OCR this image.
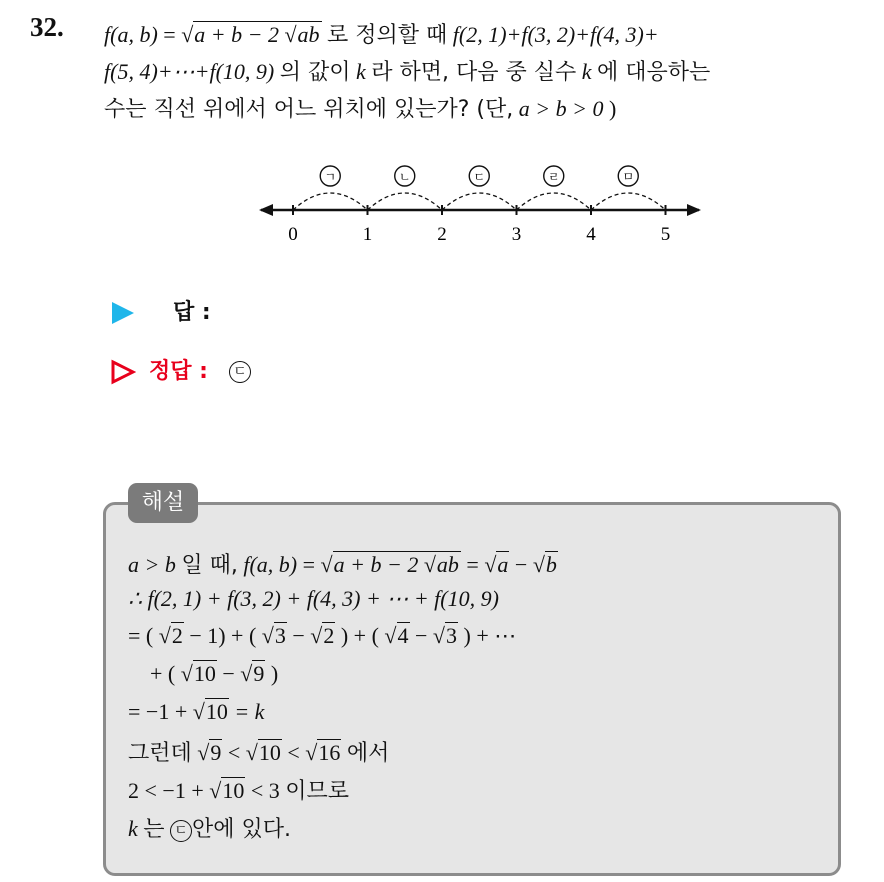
32. f(a, b) = √a + b − 2 √ab 로 정의할 때 f(2, 1)+f(3, 2)+f(4, 3)+
f(5, 4)+⋯+f(10, 9) 의 값이 k 라 하면, 다음 중 실수 k 에 대응하는
수는 직선 위에서 어느 위치에 있는가? (단, a > b > 0 )
0	1	2	3	4	5
ㄱ	ㄴ	ㄷ	ㄹ	ㅁ
답 :
정답 : ㄷ
해설
a > b 일 때, f(a, b) = √a + b − 2 √ab = √a − √b
∴ f(2, 1) + f(3, 2) + f(4, 3) + ⋯ + f(10, 9)
= ( √2 − 1) + ( √3 − √2 ) + ( √4 − √3 ) + ⋯
+ ( √10 − √9 )
= −1 + √10 = k
그런데 √9 < √10 < √16 에서
2 < −1 + √10 < 3 이므로
k 는 ㄷ 안에 있다.
